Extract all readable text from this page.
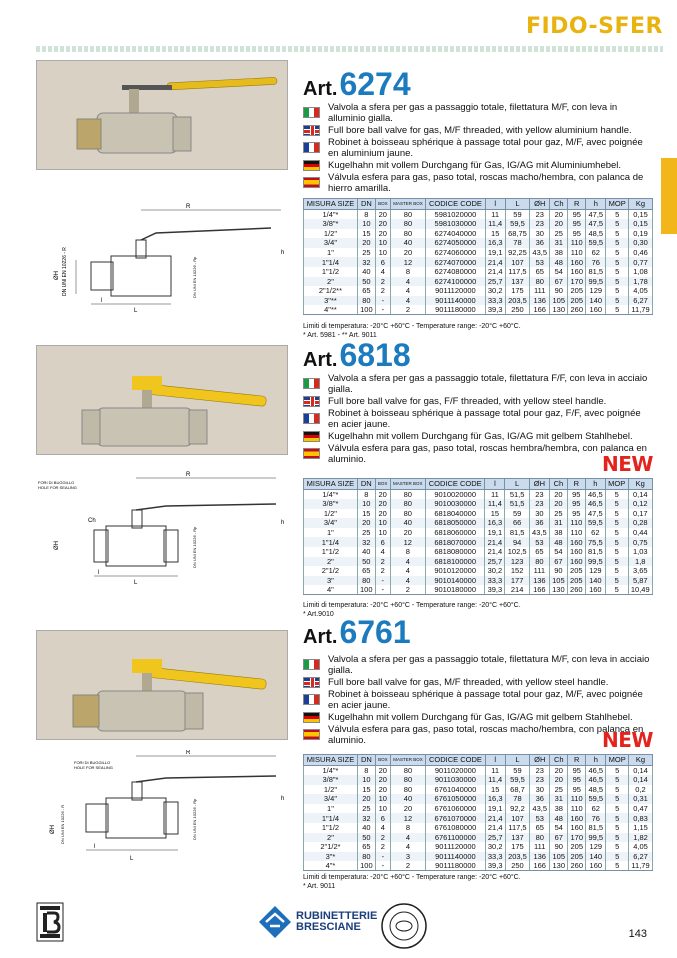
FIDO-SFER
R
ØH DN UNI EN 10226 - R	DN UNI EN 10226 - Rp
h
L
l
Art.6274
Valvola a sfera per gas a passaggio totale, filettatura M/F, con leva in alluminio gialla.
Full bore ball valve for gas, M/F threaded, with yellow aluminium handle.
Robinet à boisseau sphérique à passage total pour gaz, M/F, avec poignée en aluminium jaune.
Kugelhahn mit vollem Durchgang für Gas, IG/AG mit Aluminiumhebel.
Válvula esfera para gas, paso total, roscas macho/hembra, con palanca de hierro amarilla.
MISURA SIZE	DN	BOX	MASTER BOX	CODICE CODE	l	L	ØH	Ch	R	h	MOP	Kg
1/4"*	8	20	80	5981020000	11	59	23	20	95	47,5	5	0,15
3/8"*	10	20	80	5981030000	11,4	59,5	23	20	95	47,5	5	0,15
1/2"	15	20	80	6274040000	15	68,75	30	25	95	48,5	5	0,19
3/4"	20	10	40	6274050000	16,3	78	36	31	110	59,5	5	0,30
1"	25	10	20	6274060000	19,1	92,25	43,5	38	110	62	5	0,46
1"1/4	32	6	12	6274070000	21,4	107	53	48	160	76	5	0,77
1"1/2	40	4	8	6274080000	21,4	117,5	65	54	160	81,5	5	1,08
2"	50	2	4	6274100000	25,7	137	80	67	170	99,5	5	1,78
2"1/2**	65	2	4	9011120000	30,2	175	111	90	205	129	5	4,05
3"**	80	-	4	9011140000	33,3	203,5	136	105	205	140	5	6,27
4"**	100	-	2	9011180000	39,3	250	166	130	260	160	5	11,79
Limiti di temperatura: -20°C +60°C - Temperature range: -20°C +60°C.
* Art. 5981 - ** Art. 9011
FORI DI BUGGILLO
HOLE FOR SEALING
R
Ch
ØH	DN UNI EN 10226 - Rp
h
L
l
Art.6818
Valvola a sfera per gas a passaggio totale, filettatura F/F, con leva in acciaio gialla.
Full bore ball valve for gas, F/F threaded, with yellow steel handle.
Robinet à boisseau sphérique à passage total pour gaz, F/F, avec poignée en acier jaune.
Kugelhahn mit vollem Durchgang für Gas, IG/AG mit gelbem Stahlhebel.
Válvula esfera para gas, paso total, roscas hembra/hembra, con palanca en aluminio.	NEW
MISURA SIZE	DN	BOX	MASTER BOX	CODICE CODE	l	L	ØH	Ch	R	h	MOP	Kg
1/4"*	8	20	80	9010020000	11	51,5	23	20	95	46,5	5	0,14
3/8"*	10	20	80	9010030000	11,4	51,5	23	20	95	46,5	5	0,12
1/2"	15	20	80	6818040000	15	59	30	25	95	47,5	5	0,17
3/4"	20	10	40	6818050000	16,3	66	36	31	110	59,5	5	0,28
1"	25	10	20	6818060000	19,1	81,5	43,5	38	110	62	5	0,44
1"1/4	32	6	12	6818070000	21,4	94	53	48	160	75,5	5	0,75
1"1/2	40	4	8	6818080000	21,4	102,5	65	54	160	81,5	5	1,03
2"	50	2	4	6818100000	25,7	123	80	67	160	99,5	5	1,8
2"1/2	65	2	4	9010120000	30,2	152	111	90	205	129	5	3,65
3"	80	-	4	9010140000	33,3	177	136	105	205	140	5	5,87
4"	100	-	2	9010180000	39,3	214	166	130	260	160	5	10,49
Limiti di temperatura: -20°C +60°C - Temperature range: -20°C +60°C.
* Art.9010
FORI DI BUGGILLO
HOLE FOR SEALING
R
ØH DN UNI EN 10226 - R	DN UNI EN 10226 - Rp	h
L
l
Art.6761
Valvola a sfera per gas a passaggio totale, filettatura M/F, con leva in acciaio gialla.
Full bore ball valve for gas, M/F threaded, with yellow steel handle.
Robinet à boisseau sphérique à passage total pour gaz, M/F, avec poignée en acier jaune.
Kugelhahn mit vollem Durchgang für Gas, IG/AG mit gelbem Stahlhebel.
Válvula esfera para gas, paso total, roscas macho/hembra, con palanca en aluminio.	NEW
MISURA SIZE	DN	BOX	MASTER BOX	CODICE CODE	l	L	ØH	Ch	R	h	MOP	Kg
1/4"*	8	20	80	9011020000	11	59	23	20	95	46,5	5	0,14
3/8"*	10	20	80	9011030000	11,4	59,5	23	20	95	46,5	5	0,14
1/2"	15	20	80	6761040000	15	68,7	30	25	95	48,5	5	0,2
3/4"	20	10	40	6761050000	16,3	78	36	31	110	59,5	5	0,31
1"	25	10	20	6761060000	19,1	92,2	43,5	38	110	62	5	0,47
1"1/4	32	6	12	6761070000	21,4	107	53	48	160	76	5	0,83
1"1/2	40	4	8	6761080000	21,4	117,5	65	54	160	81,5	5	1,15
2"	50	2	4	6761100000	25,7	137	80	67	170	99,5	5	1,82
2"1/2*	65	2	4	9011120000	30,2	175	111	90	205	129	5	4,05
3"*	80	-	3	9011140000	33,3	203,5	136	105	205	140	5	6,27
4"*	100	-	2	9011180000	39,3	250	166	130	260	160	5	11,79
Limiti di temperatura: -20°C +60°C - Temperature range: -20°C +60°C.
* Art. 9011
RUBINETTERIE
BRESCIANE
143
